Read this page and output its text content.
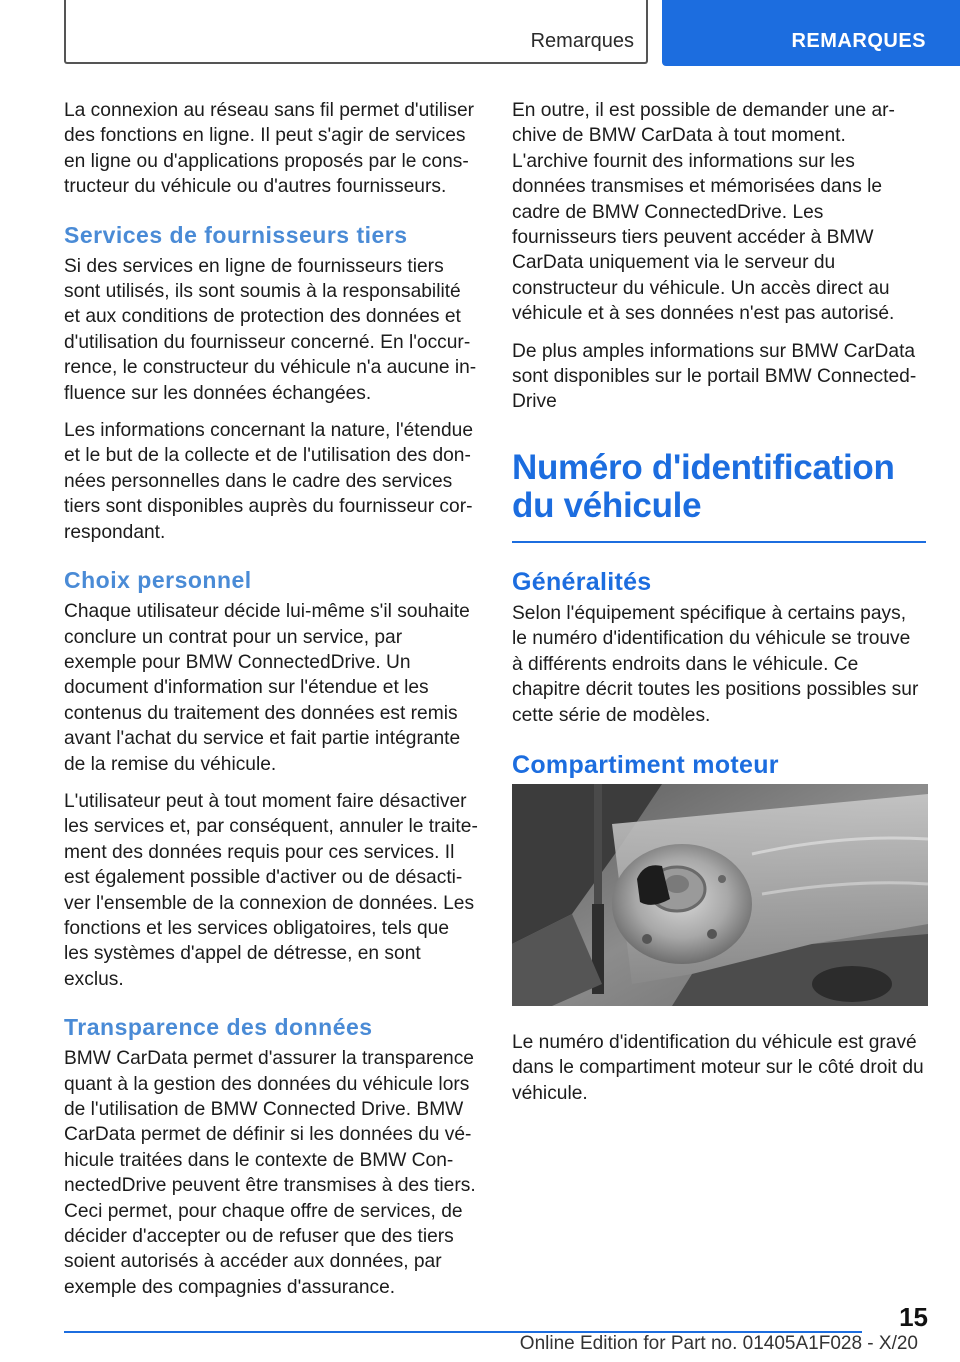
Remarques	REMARQUES

La connexion au réseau sans fil permet d'utiliser des fonctions en ligne. Il peut s'agir de services en ligne ou d'applications proposés par le constructeur du véhicule ou d'autres fournisseurs.

Services de fournisseurs tiers

Si des services en ligne de fournisseurs tiers sont utilisés, ils sont soumis à la responsabilité et aux conditions de protection des données et d'utilisation du fournisseur concerné. En l'occurrence, le constructeur du véhicule n'a aucune influence sur les données échangées.

Les informations concernant la nature, l'étendue et le but de la collecte et de l'utilisation des données personnelles dans le cadre des services tiers sont disponibles auprès du fournisseur correspondant.

Choix personnel

Chaque utilisateur décide lui-même s'il souhaite conclure un contrat pour un service, par exemple pour BMW ConnectedDrive. Un document d'information sur l'étendue et les contenus du traitement des données est remis avant l'achat du service et fait partie intégrante de la remise du véhicule.

L'utilisateur peut à tout moment faire désactiver les services et, par conséquent, annuler le traitement des données requis pour ces services. Il est également possible d'activer ou de désactiver l'ensemble de la connexion de données. Les fonctions et les services obligatoires, tels que les systèmes d'appel de détresse, en sont exclus.

Transparence des données

BMW CarData permet d'assurer la transparence quant à la gestion des données du véhicule lors de l'utilisation de BMW Connected Drive. BMW CarData permet de définir si les données du véhicule traitées dans le contexte de BMW ConnectedDrive peuvent être transmises à des tiers. Ceci permet, pour chaque offre de services, de décider d'accepter ou de refuser que des tiers soient autorisés à accéder aux données, par exemple des compagnies d'assurance.

En outre, il est possible de demander une archive de BMW CarData à tout moment. L'archive fournit des informations sur les données transmises et mémorisées dans le cadre de BMW ConnectedDrive. Les fournisseurs tiers peuvent accéder à BMW CarData uniquement via le serveur du constructeur du véhicule. Un accès direct au véhicule et à ses données n'est pas autorisé.

De plus amples informations sur BMW CarData sont disponibles sur le portail BMW ConnectedDrive

Numéro d'identification du véhicule
Généralités

Selon l'équipement spécifique à certains pays, le numéro d'identification du véhicule se trouve à différents endroits dans le véhicule. Ce chapitre décrit toutes les positions possibles sur cette série de modèles.

Compartiment moteur

Le numéro d'identification du véhicule est gravé dans le compartiment moteur sur le côté droit du véhicule.

15
Online Edition for Part no. 01405A1F028 - X/20
